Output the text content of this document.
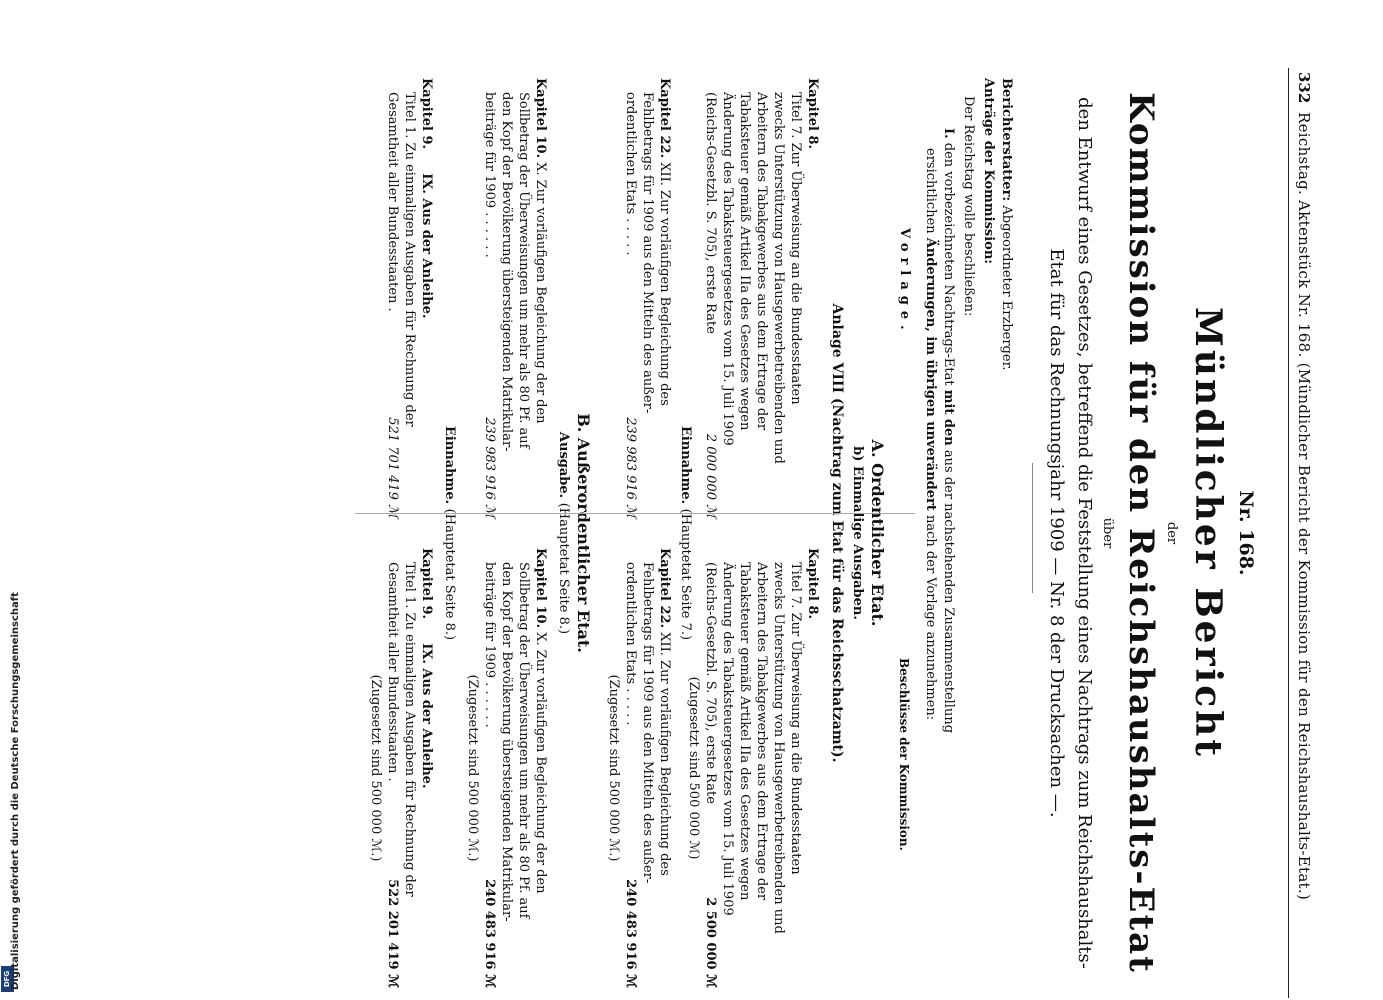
DFG
Digitalisierung gefördert durch die Deutsche Forschungsgemeinschaft
332
Reichstag. Aktenstück Nr. 168. (Mündlicher Bericht der Kommission für den Reichshaushalts-Etat.)
Nr. 168.
Mündlicher Bericht
der
Kommission für den Reichshaushalts-Etat
über
den Entwurf eines Gesetzes, betreffend die Feststellung eines Nachtrags zum Reichshaushalts-
Etat für das Rechnungsjahr 1909 — Nr. 8 der Drucksachen —.
Berichterstatter: Abgeordneter Erzberger.
Anträge der Kommission:
Der Reichstag wolle beschließen:
I. den vorbezeichneten Nachtrags-Etat mit den aus der nachstehenden Zusammenstellung
ersichtlichen Änderungen, im übrigen unverändert nach der Vorlage anzunehmen:
Vorlage.
Beschlüsse der Kommission.
A. Ordentlicher Etat.
b) Einmalige Ausgaben.
Anlage VIII (Nachtrag zum Etat für das Reichsschatzamt).
Kapitel 8.
Titel 7. Zur Überweisung an die Bundesstaaten
zwecks Unterstützung von Hausgewerbetreibenden und
Arbeitern des Tabakgewerbes aus dem Ertrage der
Tabaksteuer gemäß Artikel IIa des Gesetzes wegen
Änderung des Tabaksteuergesetzes vom 15. Juli 1909
(Reichs-Gesetzbl. S. 705), erste Rate
2 000 000 ℳ
Kapitel 8.
Titel 7. Zur Überweisung an die Bundesstaaten
zwecks Unterstützung von Hausgewerbetreibenden und
Arbeitern des Tabakgewerbes aus dem Ertrage der
Tabaksteuer gemäß Artikel IIa des Gesetzes wegen
Änderung des Tabaksteuergesetzes vom 15. Juli 1909
(Reichs-Gesetzbl. S. 705), erste Rate
2 500 000 ℳ
(Zugesetzt sind 500 000 ℳ)
Einnahme. (Hauptetat Seite 7.)
Kapitel 22. XII. Zur vorläufigen Begleichung des
Fehlbetrags für 1909 aus den Mitteln des außer-
ordentlichen Etats . . . . .
239 983 916 ℳ
Kapitel 22. XII. Zur vorläufigen Begleichung des
Fehlbetrags für 1909 aus den Mitteln des außer-
ordentlichen Etats . . . . .
240 483 916 ℳ
(Zugesetzt sind 500 000 ℳ.)
B. Außerordentlicher Etat.
Ausgabe. (Hauptetat Seite 8.)
Kapitel 10. X. Zur vorläufigen Begleichung der den
Sollbetrag der Überweisungen um mehr als 80 Pf. auf
den Kopf der Bevölkerung übersteigenden Matrikular-
beiträge für 1909 . . . . . .
239 983 916 ℳ
Kapitel 10. X. Zur vorläufigen Begleichung der den
Sollbetrag der Überweisungen um mehr als 80 Pf. auf
den Kopf der Bevölkerung übersteigenden Matrikular-
beiträge für 1909 . . . . . .
240 483 916 ℳ
(Zugesetzt sind 500 000 ℳ.)
Einnahme. (Hauptetat Seite 8.)
Kapitel 9. IX. Aus der Anleihe.
Titel 1. Zu einmaligen Ausgaben für Rechnung der
Gesamtheit aller Bundesstaaten .
521 701 419 ℳ
Kapitel 9. IX. Aus der Anleihe.
Titel 1. Zu einmaligen Ausgaben für Rechnung der
Gesamtheit aller Bundesstaaten .
522 201 419 ℳ
(Zugesetzt sind 500 000 ℳ.)
